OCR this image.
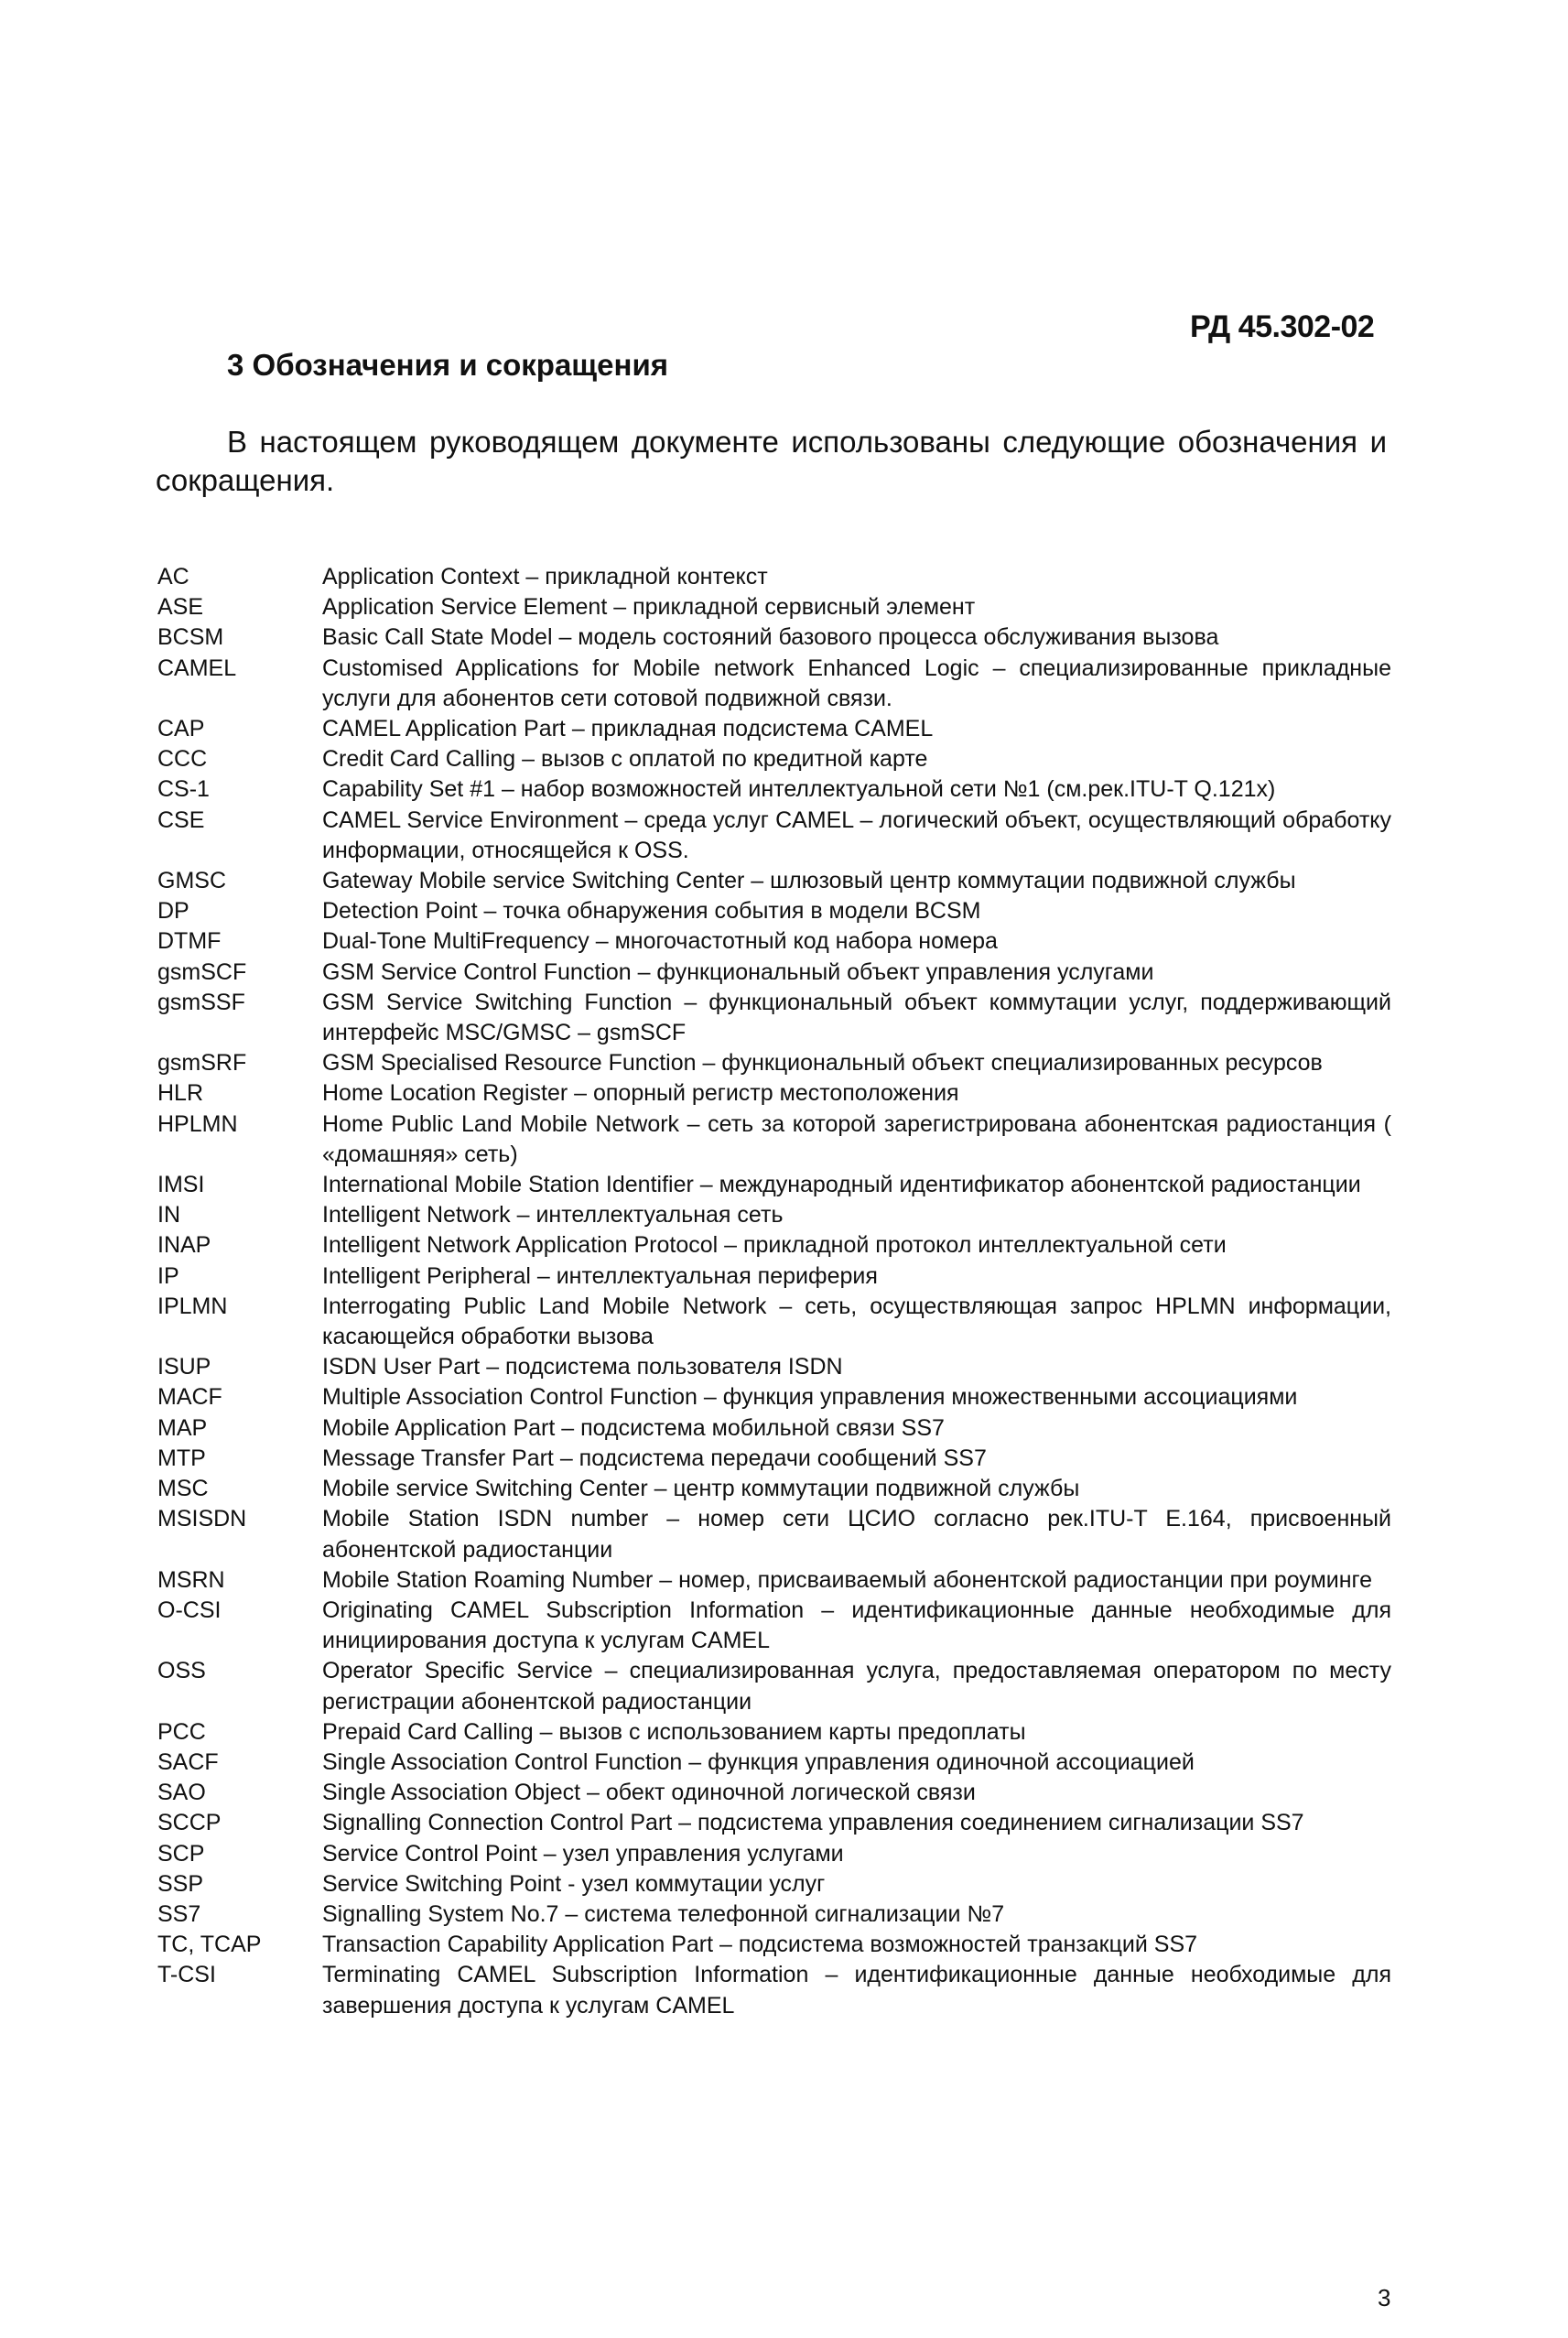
РД 45.302-02
3 Обозначения и сокращения
В настоящем руководящем документе использованы следующие обозначения и сокращения.
AC	Application Context – прикладной контекст
ASE	Application Service Element – прикладной сервисный элемент
BCSM	Basic Call State Model – модель состояний базового процесса обслуживания вызова
CAMEL	Customised Applications for Mobile network Enhanced Logic – специализированные прикладные услуги для абонентов сети сотовой подвижной связи.
CAP	CAMEL Application Part – прикладная подсистема CAMEL
CCC	Credit Card Calling – вызов с оплатой по кредитной карте
CS-1	Capability Set #1 – набор возможностей интеллектуальной сети №1 (см.рек.ITU-T Q.121x)
CSE	CAMEL Service Environment – среда услуг CAMEL – логический объект, осуществляющий обработку информации, относящейся к OSS.
GMSC	Gateway Mobile service Switching Center – шлюзовый центр коммутации подвижной службы
DP	Detection Point – точка обнаружения события в модели BCSM
DTMF	Dual-Tone MultiFrequency – многочастотный код набора номера
gsmSCF	GSM Service Control Function – функциональный объект управления услугами
gsmSSF	GSM Service Switching Function – функциональный объект коммутации услуг, поддерживающий интерфейс MSC/GMSC – gsmSCF
gsmSRF	GSM Specialised Resource Function – функциональный объект специализированных ресурсов
HLR	Home Location Register – опорный регистр местоположения
HPLMN	Home Public Land Mobile Network – сеть за которой зарегистрирована абонентская радиостанция ( «домашняя» сеть)
IMSI	International Mobile Station Identifier – международный идентификатор абонентской радиостанции
IN	Intelligent Network – интеллектуальная сеть
INAP	Intelligent Network Application Protocol – прикладной протокол интеллектуальной сети
IP	Intelligent Peripheral – интеллектуальная периферия
IPLMN	Interrogating Public Land Mobile Network – сеть, осуществляющая запрос HPLMN информации, касающейся обработки вызова
ISUP	ISDN User Part – подсистема пользователя ISDN
MACF	Multiple Association Control Function – функция управления множественными ассоциациями
MAP	Mobile Application Part – подсистема мобильной связи SS7
MTP	Message Transfer Part – подсистема передачи сообщений SS7
MSC	Mobile service Switching Center – центр коммутации подвижной службы
MSISDN	Mobile Station ISDN number – номер сети ЦСИО согласно рек.ITU-T E.164, присвоенный абонентской радиостанции
MSRN	Mobile Station Roaming Number – номер, присваиваемый абонентской радиостанции при роуминге
O-CSI	Originating CAMEL Subscription Information – идентификационные данные необходимые для инициирования доступа к услугам CAMEL
OSS	Operator Specific Service – специализированная услуга, предоставляемая оператором по месту регистрации абонентской радиостанции
PCC	Prepaid Card Calling – вызов с использованием карты предоплаты
SACF	Single Association Control Function – функция управления одиночной ассоциацией
SAO	Single Association Object – обект одиночной логической связи
SCCP	Signalling Connection Control Part – подсистема управления соединением сигнализации SS7
SCP	Service Control Point – узел управления услугами
SSP	Service Switching Point - узел коммутации услуг
SS7	Signalling System No.7 – система телефонной сигнализации №7
TC, TCAP	Transaction Capability Application Part – подсистема возможностей транзакций SS7
T-CSI	Terminating CAMEL Subscription Information – идентификационные данные необходимые для завершения доступа к услугам CAMEL
3
